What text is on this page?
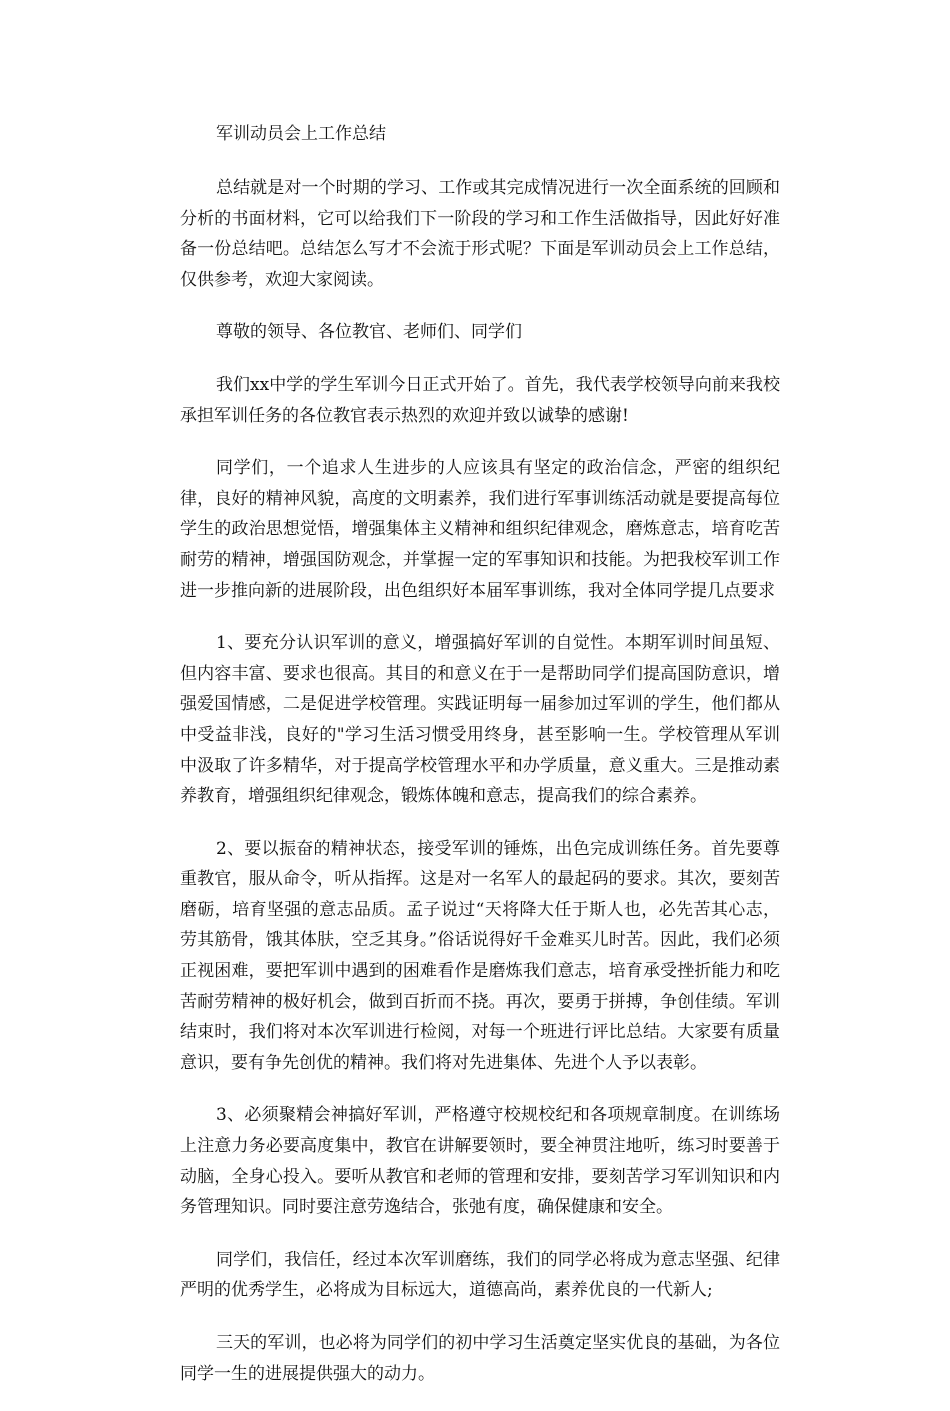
军训动员会上工作总结

总结就是对一个时期的学习、工作或其完成情况进行一次全面系统的回顾和分析的书面材料，它可以给我们下一阶段的学习和工作生活做指导，因此好好准备一份总结吧。总结怎么写才不会流于形式呢？下面是军训动员会上工作总结，仅供参考，欢迎大家阅读。

尊敬的领导、各位教官、老师们、同学们

我们xx中学的学生军训今日正式开始了。首先，我代表学校领导向前来我校承担军训任务的各位教官表示热烈的欢迎并致以诚挚的感谢!

同学们，一个追求人生进步的人应该具有坚定的政治信念，严密的组织纪律，良好的精神风貌，高度的文明素养，我们进行军事训练活动就是要提高每位学生的政治思想觉悟，增强集体主义精神和组织纪律观念，磨炼意志，培育吃苦耐劳的精神，增强国防观念，并掌握一定的军事知识和技能。为把我校军训工作进一步推向新的进展阶段，出色组织好本届军事训练，我对全体同学提几点要求

1、要充分认识军训的意义，增强搞好军训的自觉性。本期军训时间虽短、但内容丰富、要求也很高。其目的和意义在于一是帮助同学们提高国防意识，增强爱国情感，二是促进学校管理。实践证明每一届参加过军训的学生，他们都从中受益非浅，良好的"学习生活习惯受用终身，甚至影响一生。学校管理从军训中汲取了许多精华，对于提高学校管理水平和办学质量，意义重大。三是推动素养教育，增强组织纪律观念，锻炼体魄和意志，提高我们的综合素养。

2、要以振奋的精神状态，接受军训的锤炼，出色完成训练任务。首先要尊重教官，服从命令，听从指挥。这是对一名军人的最起码的要求。其次，要刻苦磨砺，培育坚强的意志品质。孟子说过“天将降大任于斯人也，必先苦其心志，劳其筋骨，饿其体肤，空乏其身。”俗话说得好千金难买儿时苦。因此，我们必须正视困难，要把军训中遇到的困难看作是磨炼我们意志，培育承受挫折能力和吃苦耐劳精神的极好机会，做到百折而不挠。再次，要勇于拼搏，争创佳绩。军训结束时，我们将对本次军训进行检阅，对每一个班进行评比总结。大家要有质量意识，要有争先创优的精神。我们将对先进集体、先进个人予以表彰。

3、必须聚精会神搞好军训，严格遵守校规校纪和各项规章制度。在训练场上注意力务必要高度集中，教官在讲解要领时，要全神贯注地听，练习时要善于动脑，全身心投入。要听从教官和老师的管理和安排，要刻苦学习军训知识和内务管理知识。同时要注意劳逸结合，张弛有度，确保健康和安全。

同学们，我信任，经过本次军训磨练，我们的同学必将成为意志坚强、纪律严明的优秀学生，必将成为目标远大，道德高尚，素养优良的一代新人;

三天的军训，也必将为同学们的初中学习生活奠定坚实优良的基础，为各位同学一生的进展提供强大的动力。
